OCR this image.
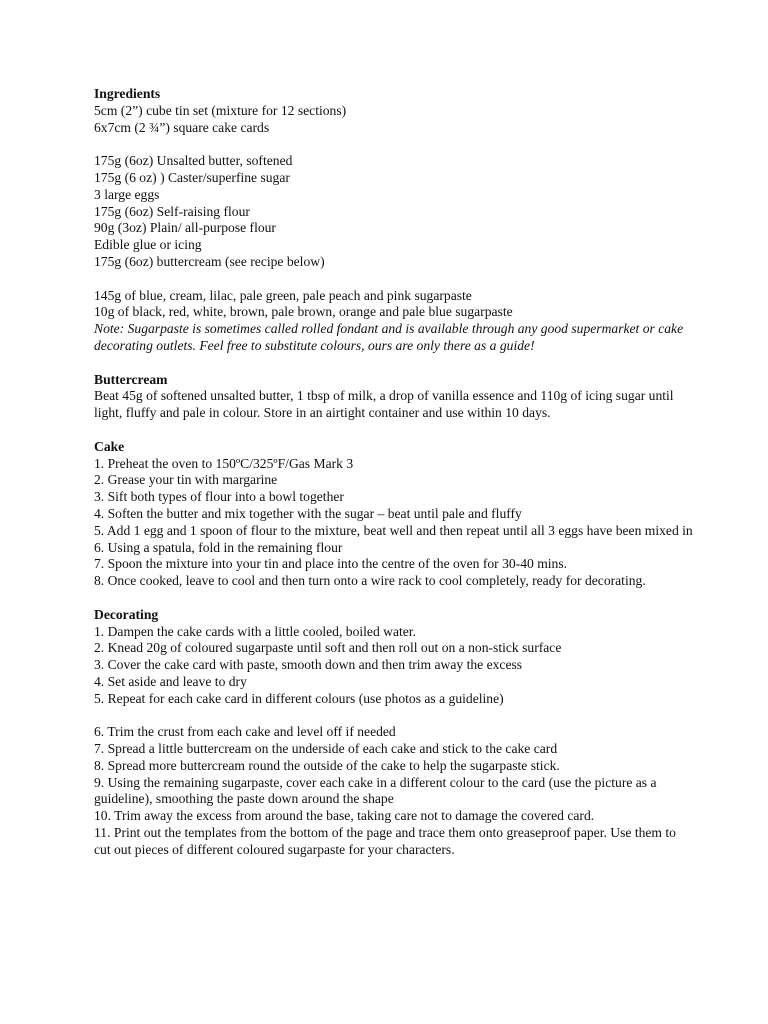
Ingredients
5cm (2”) cube tin set (mixture for 12 sections)
6x7cm (2 ¾”) square cake cards
175g (6oz) Unsalted butter, softened
175g (6 oz) ) Caster/superfine sugar
3 large eggs
175g (6oz) Self-raising flour
90g (3oz) Plain/ all-purpose flour
Edible glue or icing
175g (6oz) buttercream (see recipe below)
145g of blue, cream, lilac, pale green, pale peach and pink sugarpaste
10g of black, red, white, brown, pale brown, orange and pale blue sugarpaste
Note: Sugarpaste is sometimes called rolled fondant and is available through any good supermarket or cake decorating outlets. Feel free to substitute colours, ours are only there as a guide!
Buttercream
Beat 45g of softened unsalted butter, 1 tbsp of milk, a drop of vanilla essence and 110g of icing sugar until light, fluffy and pale in colour. Store in an airtight container and use within 10 days.
Cake
1. Preheat the oven to 150ºC/325ºF/Gas Mark 3
2. Grease your tin with margarine
3. Sift both types of flour into a bowl together
4. Soften the butter and mix together with the sugar – beat until pale and fluffy
5. Add 1 egg and 1 spoon of flour to the mixture, beat well and then repeat until all 3 eggs have been mixed in
6. Using a spatula, fold in the remaining flour
7. Spoon the mixture into your tin and place into the centre of the oven for 30-40 mins.
8. Once cooked, leave to cool and then turn onto a wire rack to cool completely, ready for decorating.
Decorating
1. Dampen the cake cards with a little cooled, boiled water.
2. Knead 20g of coloured sugarpaste until soft and then roll out on a non-stick surface
3. Cover the cake card with paste, smooth down and then trim away the excess
4. Set aside and leave to dry
5. Repeat for each cake card in different colours (use photos as a guideline)
6. Trim the crust from each cake and level off if needed
7. Spread a little buttercream on the underside of each cake and stick to the cake card
8. Spread more buttercream round the outside of the cake to help the sugarpaste stick.
9. Using the remaining sugarpaste, cover each cake in a different colour to the card (use the picture as a guideline), smoothing the paste down around the shape
10. Trim away the excess from around the base, taking care not to damage the covered card.
11. Print out the templates from the bottom of the page and trace them onto greaseproof paper. Use them to cut out pieces of different coloured sugarpaste for your characters.
